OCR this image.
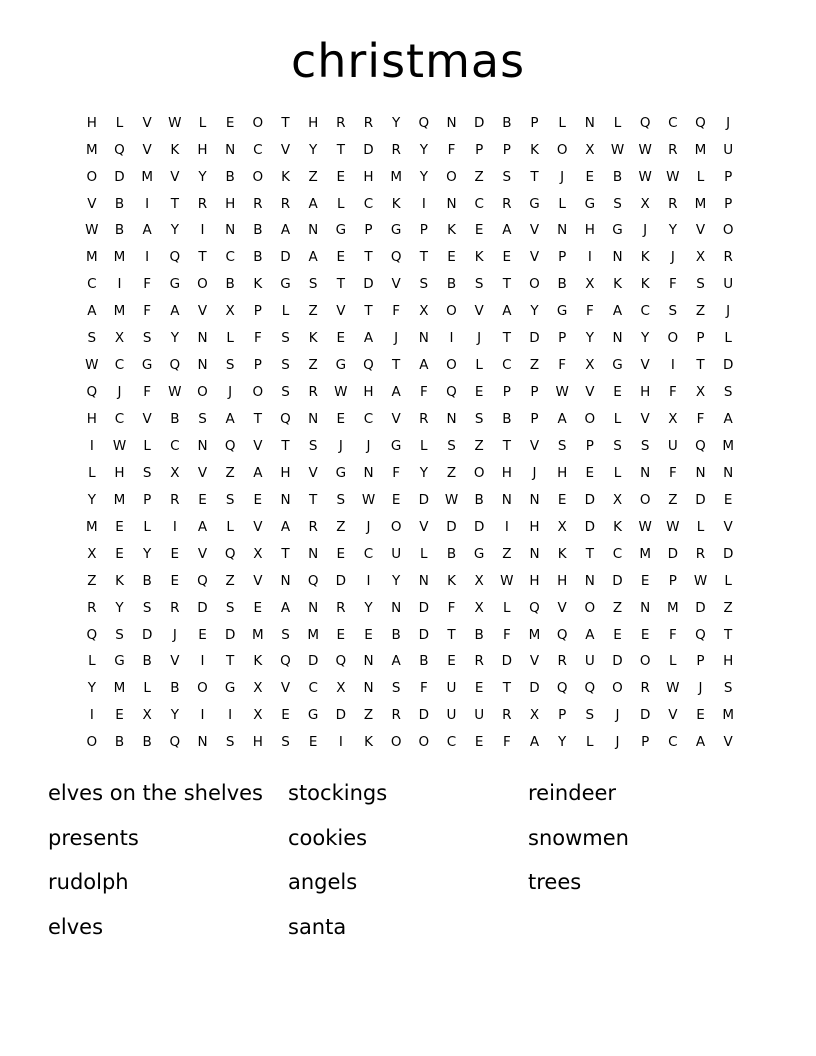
christmas
H	L	V	W	L	E	O	T	H	R	R	Y	Q	N	D	B	P	L	N	L	Q	C	Q	J
M	Q	V	K	H	N	C	V	Y	T	D	R	Y	F	P	P	K	O	X	W	W	R	M	U
O	D	M	V	Y	B	O	K	Z	E	H	M	Y	O	Z	S	T	J	E	B	W	W	L	P
V	B	I	T	R	H	R	R	A	L	C	K	I	N	C	R	G	L	G	S	X	R	M	P
W	B	A	Y	I	N	B	A	N	G	P	G	P	K	E	A	V	N	H	G	J	Y	V	O
M	M	I	Q	T	C	B	D	A	E	T	Q	T	E	K	E	V	P	I	N	K	J	X	R
C	I	F	G	O	B	K	G	S	T	D	V	S	B	S	T	O	B	X	K	K	F	S	U
A	M	F	A	V	X	P	L	Z	V	T	F	X	O	V	A	Y	G	F	A	C	S	Z	J
S	X	S	Y	N	L	F	S	K	E	A	J	N	I	J	T	D	P	Y	N	Y	O	P	L
W	C	G	Q	N	S	P	S	Z	G	Q	T	A	O	L	C	Z	F	X	G	V	I	T	D
Q	J	F	W	O	J	O	S	R	W	H	A	F	Q	E	P	P	W	V	E	H	F	X	S
H	C	V	B	S	A	T	Q	N	E	C	V	R	N	S	B	P	A	O	L	V	X	F	A
I	W	L	C	N	Q	V	T	S	J	J	G	L	S	Z	T	V	S	P	S	S	U	Q	M
L	H	S	X	V	Z	A	H	V	G	N	F	Y	Z	O	H	J	H	E	L	N	F	N	N
Y	M	P	R	E	S	E	N	T	S	W	E	D	W	B	N	N	E	D	X	O	Z	D	E
M	E	L	I	A	L	V	A	R	Z	J	O	V	D	D	I	H	X	D	K	W	W	L	V
X	E	Y	E	V	Q	X	T	N	E	C	U	L	B	G	Z	N	K	T	C	M	D	R	D
Z	K	B	E	Q	Z	V	N	Q	D	I	Y	N	K	X	W	H	H	N	D	E	P	W	L
R	Y	S	R	D	S	E	A	N	R	Y	N	D	F	X	L	Q	V	O	Z	N	M	D	Z
Q	S	D	J	E	D	M	S	M	E	E	B	D	T	B	F	M	Q	A	E	E	F	Q	T
L	G	B	V	I	T	K	Q	D	Q	N	A	B	E	R	D	V	R	U	D	O	L	P	H
Y	M	L	B	O	G	X	V	C	X	N	S	F	U	E	T	D	Q	Q	O	R	W	J	S
I	E	X	Y	I	I	X	E	G	D	Z	R	D	U	U	R	X	P	S	J	D	V	E	M
O	B	B	Q	N	S	H	S	E	I	K	O	O	C	E	F	A	Y	L	J	P	C	A	V
elves on the shelves
presents
rudolph
elves
stockings
cookies
angels
santa
reindeer
snowmen
trees
